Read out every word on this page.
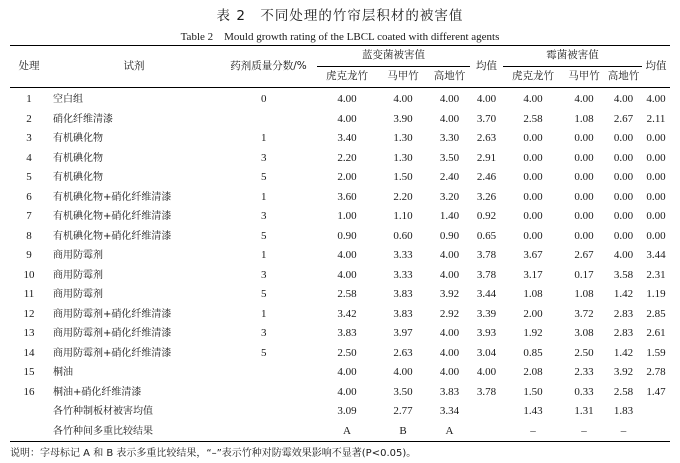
表 2　不同处理的竹帘层积材的被害值
Table 2　Mould growth rating of the LBCL coated with different agents
处理	试剂	药剂质量分数/%	蓝变菌被害值			均值	霉菌被害值			均值
			虎克龙竹	马甲竹	高地竹		虎克龙竹	马甲竹	高地竹	
1	空白组	0	4.00	4.00	4.00	4.00	4.00	4.00	4.00	4.00
2	硝化纤维清漆		4.00	3.90	4.00	3.70	2.58	1.08	2.67	2.11
3	有机碘化物	1	3.40	1.30	3.30	2.63	0.00	0.00	0.00	0.00
4	有机碘化物	3	2.20	1.30	3.50	2.91	0.00	0.00	0.00	0.00
5	有机碘化物	5	2.00	1.50	2.40	2.46	0.00	0.00	0.00	0.00
6	有机碘化物+硝化纤维清漆	1	3.60	2.20	3.20	3.26	0.00	0.00	0.00	0.00
7	有机碘化物+硝化纤维清漆	3	1.00	1.10	1.40	0.92	0.00	0.00	0.00	0.00
8	有机碘化物+硝化纤维清漆	5	0.90	0.60	0.90	0.65	0.00	0.00	0.00	0.00
9	商用防霉剂	1	4.00	3.33	4.00	3.78	3.67	2.67	4.00	3.44
10	商用防霉剂	3	4.00	3.33	4.00	3.78	3.17	0.17	3.58	2.31
11	商用防霉剂	5	2.58	3.83	3.92	3.44	1.08	1.08	1.42	1.19
12	商用防霉剂+硝化纤维清漆	1	3.42	3.83	2.92	3.39	2.00	3.72	2.83	2.85
13	商用防霉剂+硝化纤维清漆	3	3.83	3.97	4.00	3.93	1.92	3.08	2.83	2.61
14	商用防霉剂+硝化纤维清漆	5	2.50	2.63	4.00	3.04	0.85	2.50	1.42	1.59
15	桐油		4.00	4.00	4.00	4.00	2.08	2.33	3.92	2.78
16	桐油+硝化纤维清漆		4.00	3.50	3.83	3.78	1.50	0.33	2.58	1.47
	各竹种制板材被害均值		3.09	2.77	3.34		1.43	1.31	1.83	
	各竹种间多重比较结果		A	B	A		–	–	–	
说明：字母标记 A 和 B 表示多重比较结果，“–”表示竹种对防霉效果影响不显著(P<0.05)。
